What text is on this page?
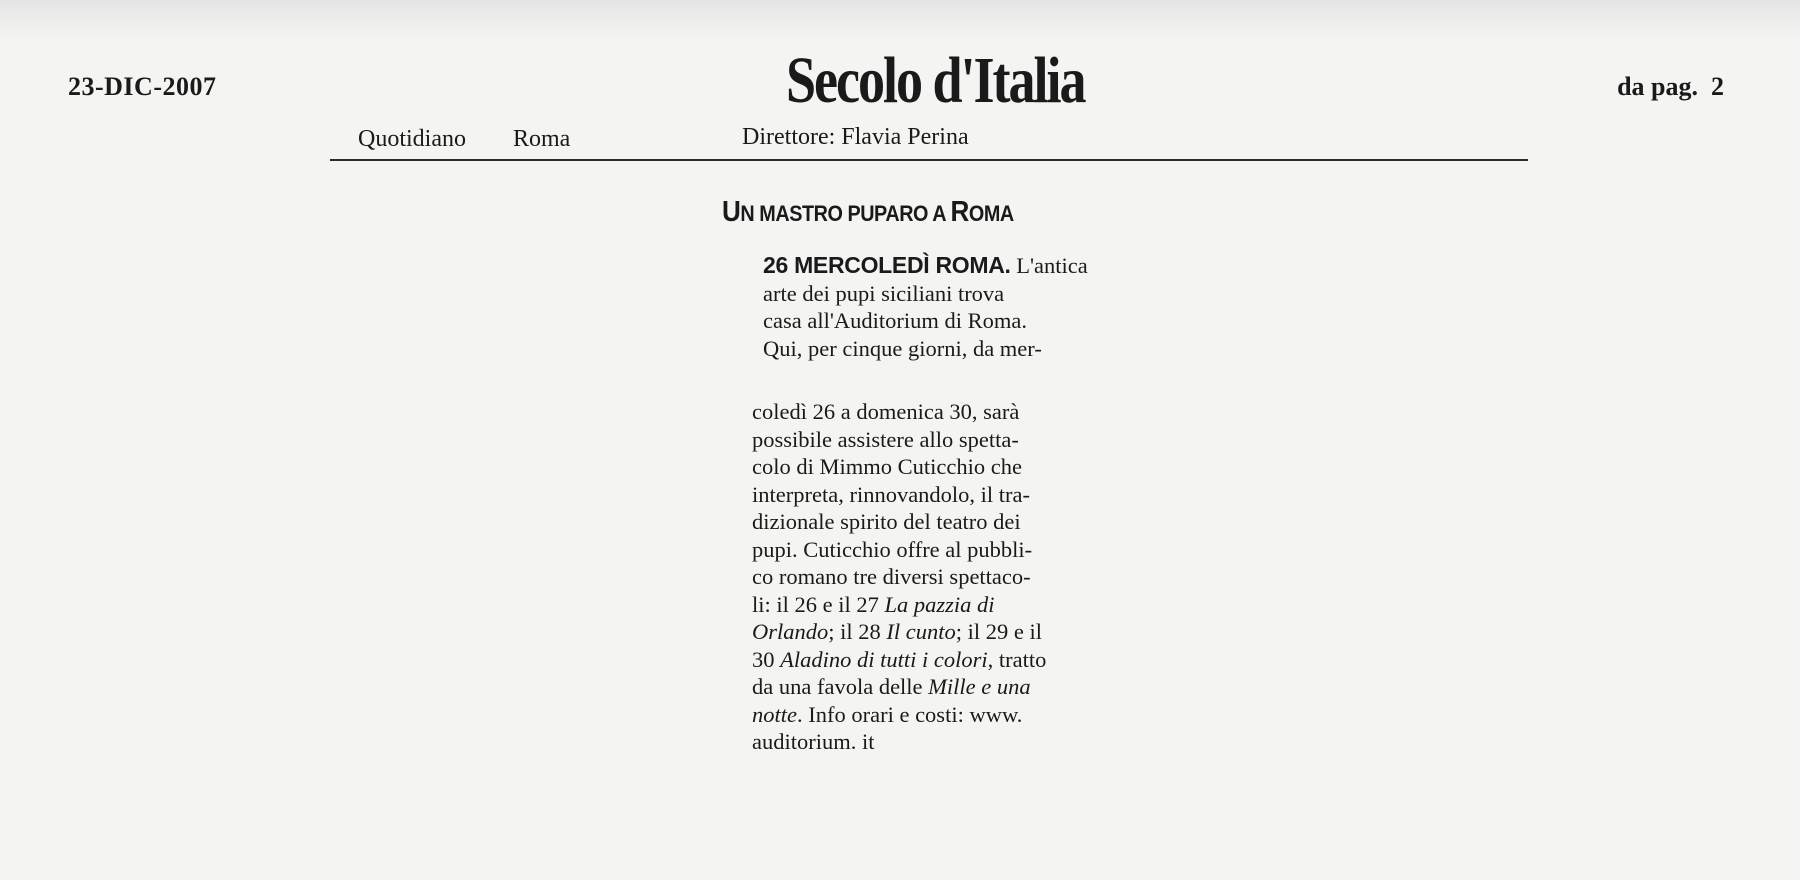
23-DIC-2007	Secolo d'Italia	da pag.  2
Quotidiano Roma	Direttore: Flavia Perina
UN MASTRO PUPARO A ROMA
26 MERCOLEDÌ ROMA. L'antica
arte dei pupi siciliani trova
casa all'Auditorium di Roma.
Qui, per cinque giorni, da mer-
coledì 26 a domenica 30, sarà
possibile assistere allo spetta-
colo di Mimmo Cuticchio che
interpreta, rinnovandolo, il tra-
dizionale spirito del teatro dei
pupi. Cuticchio offre al pubbli-
co romano tre diversi spettaco-
li: il 26 e il 27 La pazzia di
Orlando; il 28 Il cunto; il 29 e il
30 Aladino di tutti i colori, tratto
da una favola delle Mille e una
notte. Info orari e costi: www.
auditorium. it
